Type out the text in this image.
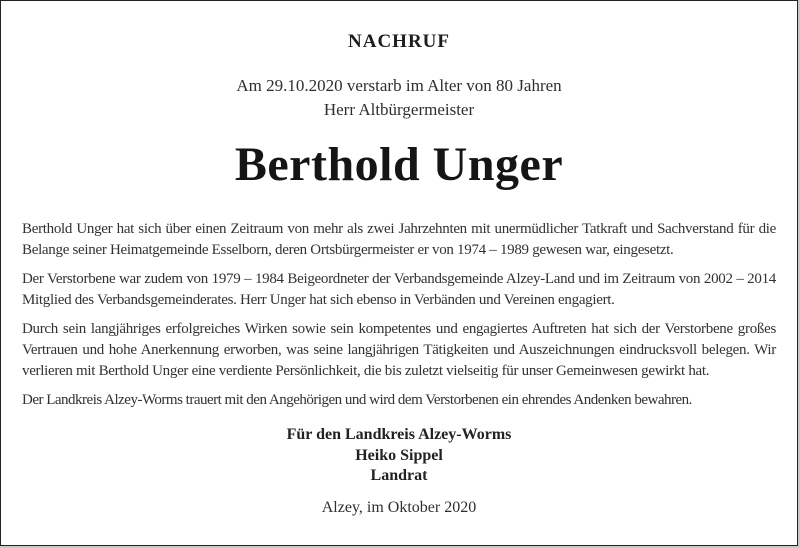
NACHRUF
Am 29.10.2020 verstarb im Alter von 80 Jahren
Herr Altbürgermeister
Berthold Unger

Berthold Unger hat sich über einen Zeitraum von mehr als zwei Jahrzehnten mit unermüdlicher Tatkraft und Sachverstand für die Belange seiner Heimatgemeinde Esselborn, deren Ortsbürgermeister er von 1974 – 1989 gewesen war, eingesetzt.

Der Verstorbene war zudem von 1979 – 1984 Beigeordneter der Verbandsgemeinde Alzey-Land und im Zeitraum von 2002 – 2014 Mitglied des Verbandsgemeinderates. Herr Unger hat sich ebenso in Verbänden und Vereinen engagiert.

Durch sein langjähriges erfolgreiches Wirken sowie sein kompetentes und engagiertes Auftreten hat sich der Verstorbene großes Vertrauen und hohe Anerkennung erworben, was seine langjährigen Tätigkeiten und Auszeichnungen eindrucksvoll belegen. Wir verlieren mit Berthold Unger eine verdiente Persönlichkeit, die bis zuletzt vielseitig für unser Gemeinwesen gewirkt hat.

Der Landkreis Alzey-Worms trauert mit den Angehörigen und wird dem Verstorbenen ein ehrendes Andenken bewahren.

Für den Landkreis Alzey-Worms
Heiko Sippel
Landrat
Alzey, im Oktober 2020
